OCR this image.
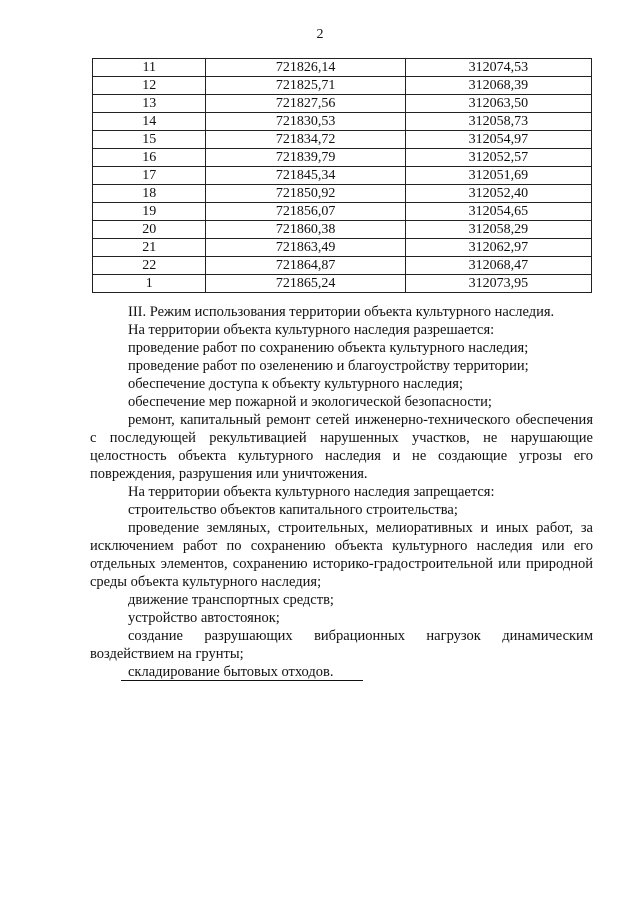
2
11	721826,14	312074,53
12	721825,71	312068,39
13	721827,56	312063,50
14	721830,53	312058,73
15	721834,72	312054,97
16	721839,79	312052,57
17	721845,34	312051,69
18	721850,92	312052,40
19	721856,07	312054,65
20	721860,38	312058,29
21	721863,49	312062,97
22	721864,87	312068,47
1	721865,24	312073,95

III. Режим использования территории объекта культурного наследия.

На территории объекта культурного наследия разрешается:

проведение работ по сохранению объекта культурного наследия;

проведение работ по озеленению и благоустройству территории;

обеспечение доступа к объекту культурного наследия;

обеспечение мер пожарной и экологической безопасности;

ремонт, капитальный ремонт сетей инженерно-технического обеспечения с последующей рекультивацией нарушенных участков, не нарушающие целостность объекта культурного наследия и не создающие угрозы его повреждения, разрушения или уничтожения.

На территории объекта культурного наследия запрещается:

строительство объектов капитального строительства;

проведение земляных, строительных, мелиоративных и иных работ, за исключением работ по сохранению объекта культурного наследия или его отдельных элементов, сохранению историко-градостроительной или природной среды объекта культурного наследия;

движение транспортных средств;

устройство автостоянок;

создание разрушающих вибрационных нагрузок динамическим воздействием на грунты;

складирование бытовых отходов.
